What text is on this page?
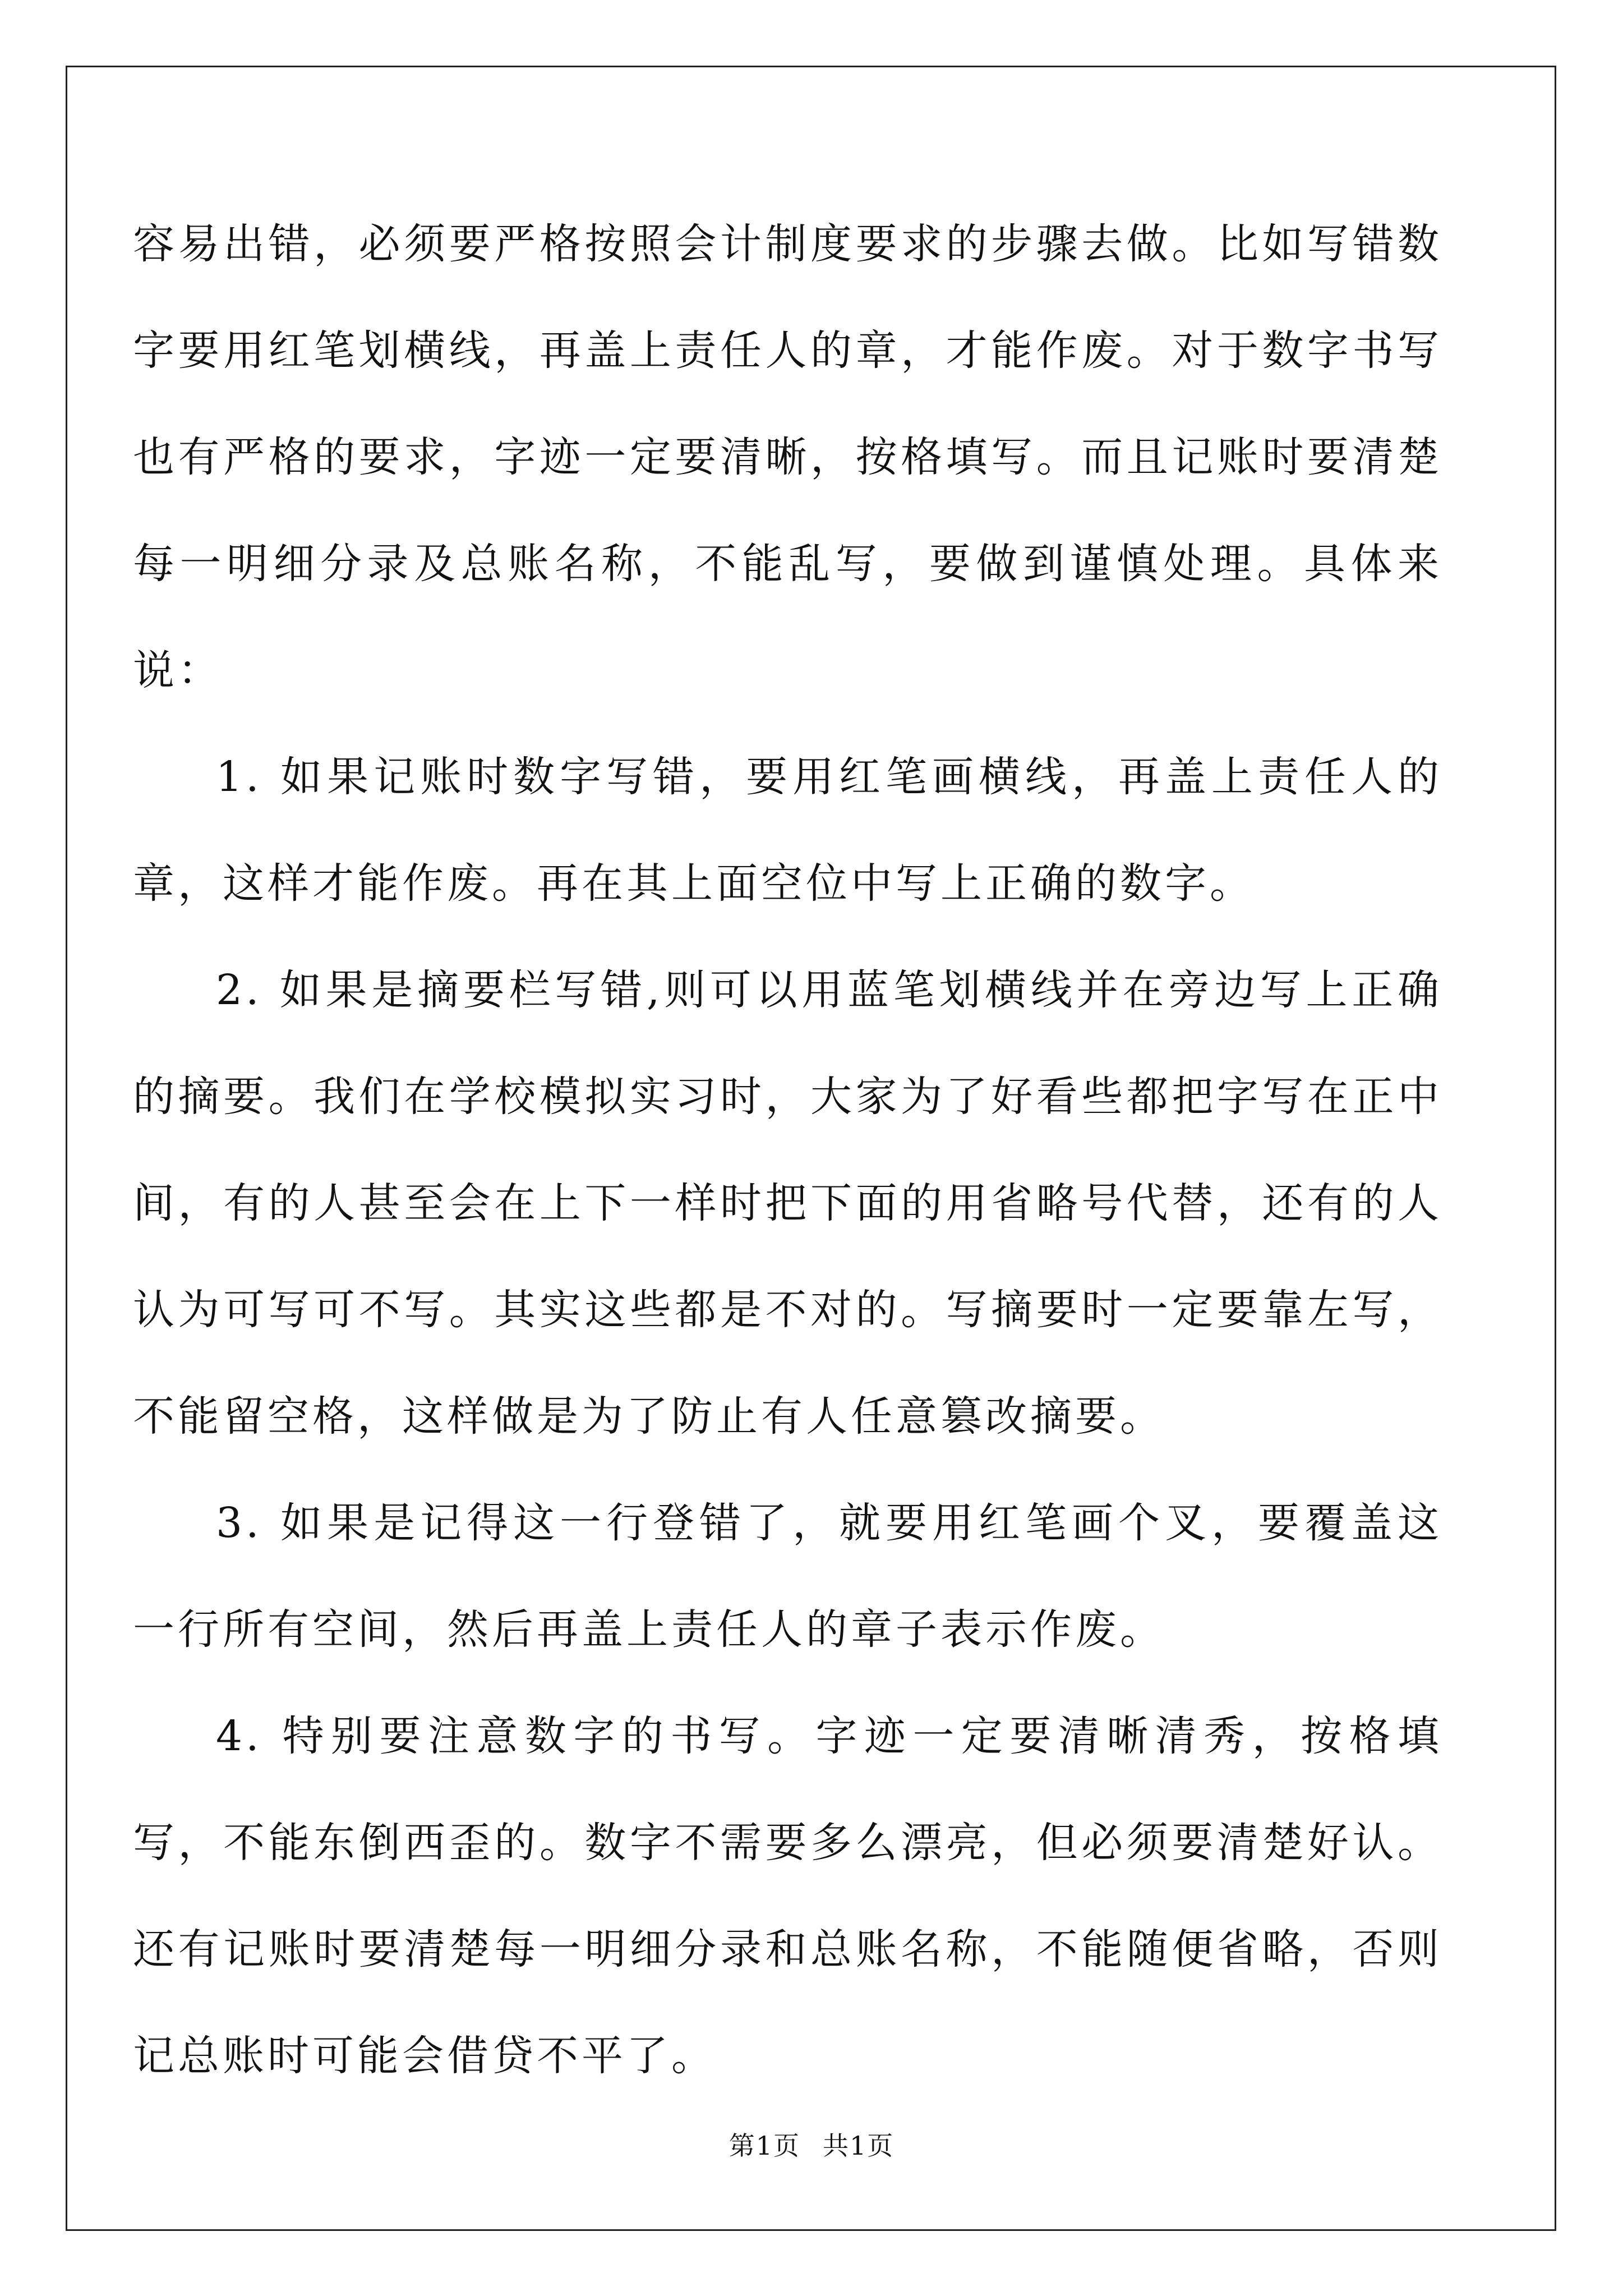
容易出错，必须要严格按照会计制度要求的步骤去做。比如写错数字要用红笔划横线，再盖上责任人的章，才能作废。对于数字书写也有严格的要求，字迹一定要清晰，按格填写。而且记账时要清楚每一明细分录及总账名称，不能乱写，要做到谨慎处理。具体来说：

1. 如果记账时数字写错，要用红笔画横线，再盖上责任人的章，这样才能作废。再在其上面空位中写上正确的数字。

2. 如果是摘要栏写错,则可以用蓝笔划横线并在旁边写上正确的摘要。我们在学校模拟实习时，大家为了好看些都把字写在正中间，有的人甚至会在上下一样时把下面的用省略号代替，还有的人认为可写可不写。其实这些都是不对的。写摘要时一定要靠左写，不能留空格，这样做是为了防止有人任意篡改摘要。

3. 如果是记得这一行登错了，就要用红笔画个叉，要覆盖这一行所有空间，然后再盖上责任人的章子表示作废。

4. 特别要注意数字的书写。字迹一定要清晰清秀，按格填写，不能东倒西歪的。数字不需要多么漂亮，但必须要清楚好认。还有记账时要清楚每一明细分录和总账名称，不能随便省略，否则记总账时可能会借贷不平了。

第1页 共1页
